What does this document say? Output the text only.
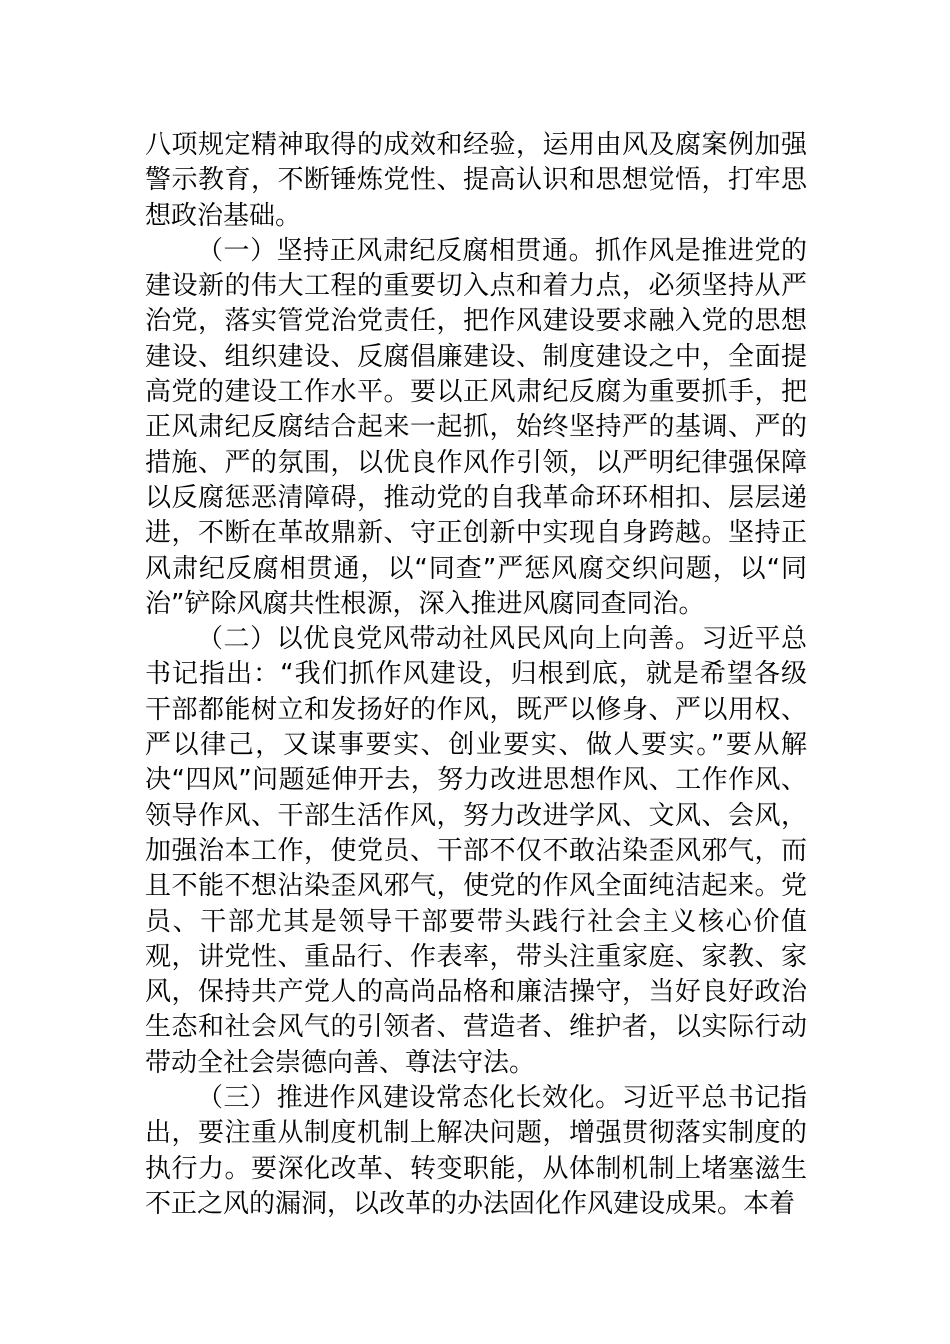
八项规定精神取得的成效和经验，运用由风及腐案例加强警示教育，不断锤炼党性、提高认识和思想觉悟，打牢思想政治基础。

（一）坚持正风肃纪反腐相贯通。抓作风是推进党的建设新的伟大工程的重要切入点和着力点，必须坚持从严治党，落实管党治党责任，把作风建设要求融入党的思想建设、组织建设、反腐倡廉建设、制度建设之中，全面提高党的建设工作水平。要以正风肃纪反腐为重要抓手，把正风肃纪反腐结合起来一起抓，始终坚持严的基调、严的措施、严的氛围，以优良作风作引领，以严明纪律强保障以反腐惩恶清障碍，推动党的自我革命环环相扣、层层递进，不断在革故鼎新、守正创新中实现自身跨越。坚持正风肃纪反腐相贯通，以“同查”严惩风腐交织问题，以“同治”铲除风腐共性根源，深入推进风腐同查同治。

（二）以优良党风带动社风民风向上向善。习近平总书记指出：“我们抓作风建设，归根到底，就是希望各级干部都能树立和发扬好的作风，既严以修身、严以用权、严以律己，又谋事要实、创业要实、做人要实。”要从解决“四风”问题延伸开去，努力改进思想作风、工作作风、领导作风、干部生活作风，努力改进学风、文风、会风，加强治本工作，使党员、干部不仅不敢沾染歪风邪气，而且不能不想沾染歪风邪气，使党的作风全面纯洁起来。党员、干部尤其是领导干部要带头践行社会主义核心价值观，讲党性、重品行、作表率，带头注重家庭、家教、家风，保持共产党人的高尚品格和廉洁操守，当好良好政治生态和社会风气的引领者、营造者、维护者，以实际行动带动全社会崇德向善、尊法守法。

（三）推进作风建设常态化长效化。习近平总书记指出，要注重从制度机制上解决问题，增强贯彻落实制度的执行力。要深化改革、转变职能，从体制机制上堵塞滋生不正之风的漏洞，以改革的办法固化作风建设成果。本着
